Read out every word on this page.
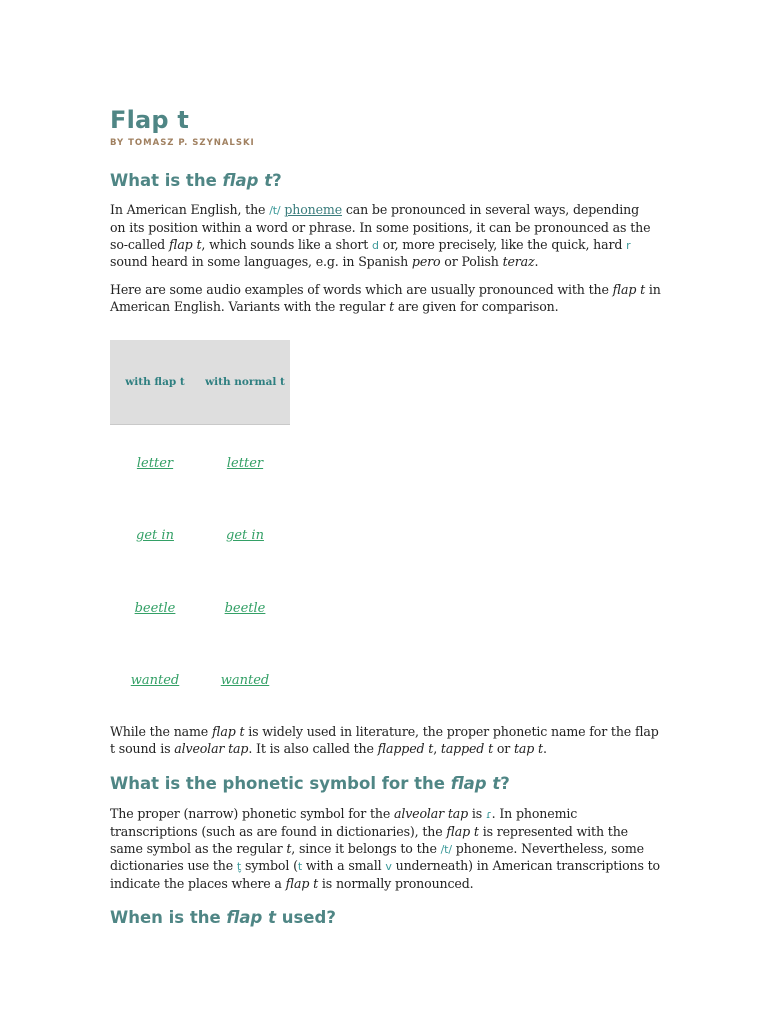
Flap t
BY TOMASZ P. SZYNALSKI
What is the flap t?

In American English, the /t/ phoneme can be pronounced in several ways, depending on its position within a word or phrase. In some positions, it can be pronounced as the so-called flap t, which sounds like a short d or, more precisely, like the quick, hard r sound heard in some languages, e.g. in Spanish pero or Polish teraz.

Here are some audio examples of words which are usually pronounced with the flap t in American English. Variants with the regular t are given for comparison.

with flap t	with normal t
letter	letter
get in	get in
beetle	beetle
wanted	wanted

While the name flap t is widely used in literature, the proper phonetic name for the flap t sound is alveolar tap. It is also called the flapped t, tapped t or tap t.

What is the phonetic symbol for the flap t?

The proper (narrow) phonetic symbol for the alveolar tap is ɾ. In phonemic transcriptions (such as are found in dictionaries), the flap t is represented with the same symbol as the regular t, since it belongs to the /t/ phoneme. Nevertheless, some dictionaries use the t̬ symbol (t with a small v underneath) in American transcriptions to indicate the places where a flap t is normally pronounced.

When is the flap t used?
